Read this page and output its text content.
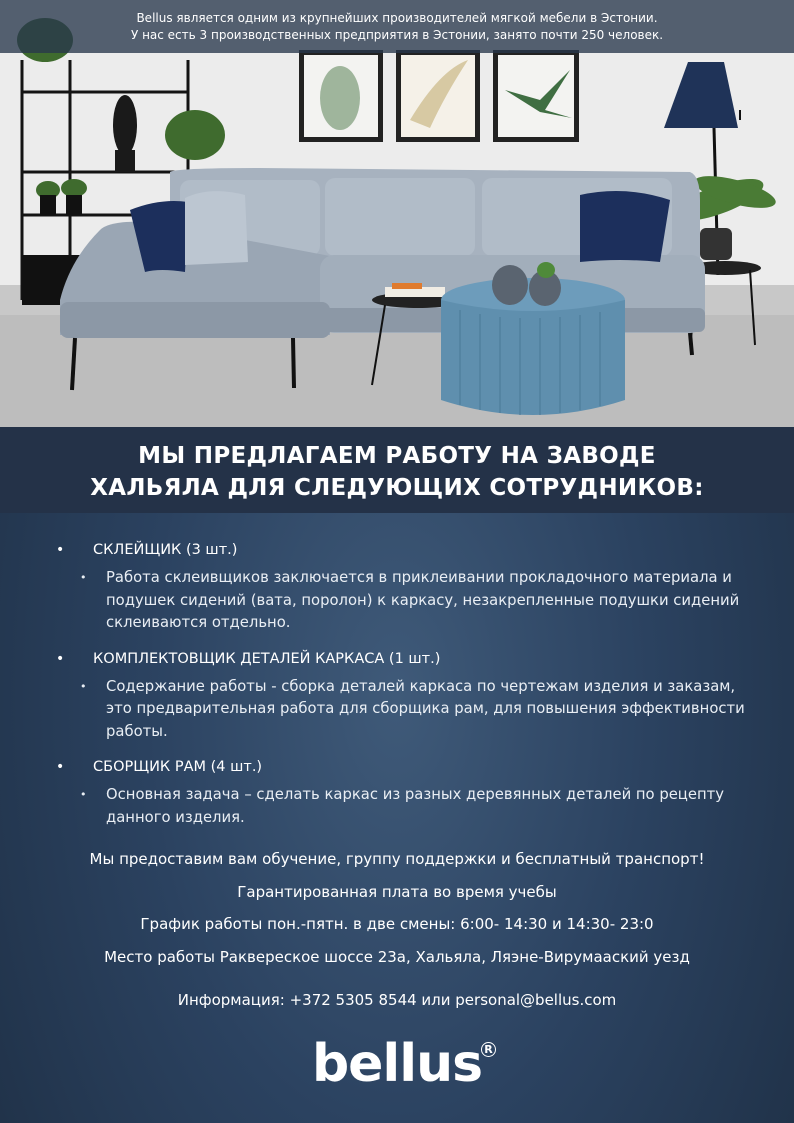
Bellus является одним из крупнейших производителей мягкой мебели в Эстонии.
У нас есть 3 производственных предприятия в Эстонии, занято почти 250 человек.
МЫ ПРЕДЛАГАЕМ РАБОТУ НА ЗАВОДЕ
ХАЛЬЯЛА ДЛЯ СЛЕДУЮЩИХ СОТРУДНИКОВ:
•	СКЛЕЙЩИК (3 шт.)
• Работа склеивщиков заключается в приклеивании прокладочного материала и подушек сидений (вата, поролон) к каркасу, незакрепленные подушки сидений склеиваются отдельно.
•	КОМПЛЕКТОВЩИК ДЕТАЛЕЙ КАРКАСА (1 шт.)
• Содержание работы - сборка деталей каркаса по чертежам изделия и заказам, это предварительная работа для сборщика рам, для повышения эффективности работы.
•	СБОРЩИК РАМ (4 шт.)
• Основная задача – сделать каркас из разных деревянных деталей по рецепту данного изделия.
Мы предоставим вам обучение, группу поддержки и бесплатный транспорт!
Гарантированная плата во время учебы
График работы пон.-пятн. в две смены: 6:00- 14:30 и 14:30- 23:0
Место работы Раквереское шоссе 23а, Хальяла, Ляэне-Вирумааский уезд
Информация: +372 5305 8544 или personal@bellus.com
bellus R
